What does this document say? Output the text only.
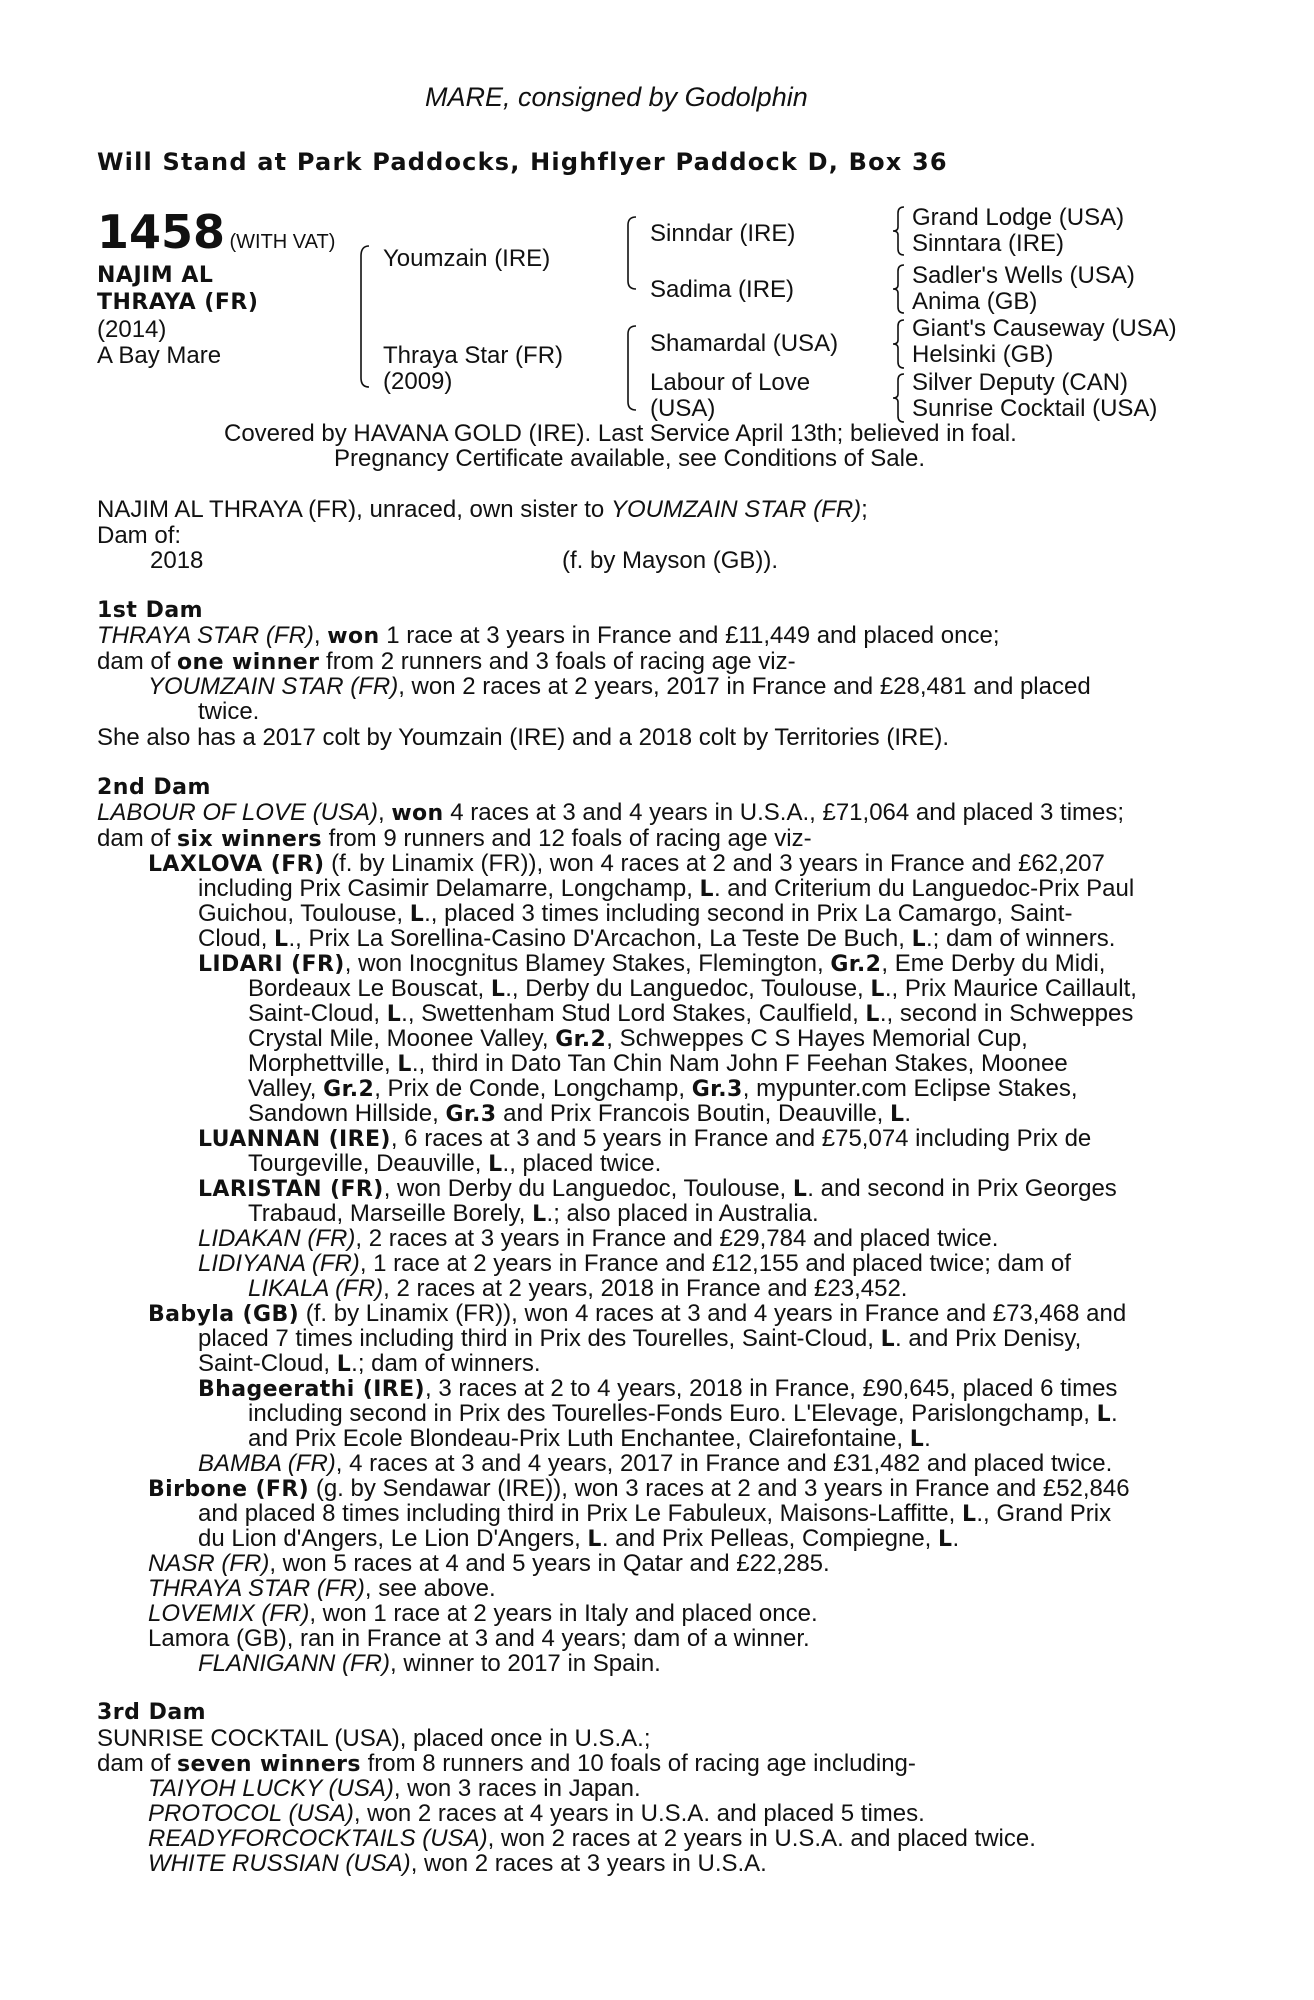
MARE, consigned by Godolphin
Will Stand at Park Paddocks, Highflyer Paddock D, Box 36
1458 (WITH VAT)
NAJIM AL
THRAYA (FR)
(2014)
A Bay Mare
Youmzain (IRE)
Thraya Star (FR)
(2009)
Sinndar (IRE)
Sadima (IRE)
Shamardal (USA)
Labour of Love
(USA)
Grand Lodge (USA)
Sinntara (IRE)
Sadler's Wells (USA)
Anima (GB)
Giant's Causeway (USA)
Helsinki (GB)
Silver Deputy (CAN)
Sunrise Cocktail (USA)
Covered by HAVANA GOLD (IRE). Last Service April 13th; believed in foal.
Pregnancy Certificate available, see Conditions of Sale.
NAJIM AL THRAYA (FR), unraced, own sister to YOUMZAIN STAR (FR);
Dam of:
2018	(f. by Mayson (GB)).
1st Dam
THRAYA STAR (FR), won 1 race at 3 years in France and £11,449 and placed once;
dam of one winner from 2 runners and 3 foals of racing age viz-
YOUMZAIN STAR (FR), won 2 races at 2 years, 2017 in France and £28,481 and placed
twice.
She also has a 2017 colt by Youmzain (IRE) and a 2018 colt by Territories (IRE).
2nd Dam
LABOUR OF LOVE (USA), won 4 races at 3 and 4 years in U.S.A., £71,064 and placed 3 times;
dam of six winners from 9 runners and 12 foals of racing age viz-
LAXLOVA (FR) (f. by Linamix (FR)), won 4 races at 2 and 3 years in France and £62,207
including Prix Casimir Delamarre, Longchamp, L. and Criterium du Languedoc-Prix Paul
Guichou, Toulouse, L., placed 3 times including second in Prix La Camargo, Saint-
Cloud, L., Prix La Sorellina-Casino D'Arcachon, La Teste De Buch, L.; dam of winners.
LIDARI (FR), won Inocgnitus Blamey Stakes, Flemington, Gr.2, Eme Derby du Midi,
Bordeaux Le Bouscat, L., Derby du Languedoc, Toulouse, L., Prix Maurice Caillault,
Saint-Cloud, L., Swettenham Stud Lord Stakes, Caulfield, L., second in Schweppes
Crystal Mile, Moonee Valley, Gr.2, Schweppes C S Hayes Memorial Cup,
Morphettville, L., third in Dato Tan Chin Nam John F Feehan Stakes, Moonee
Valley, Gr.2, Prix de Conde, Longchamp, Gr.3, mypunter.com Eclipse Stakes,
Sandown Hillside, Gr.3 and Prix Francois Boutin, Deauville, L.
LUANNAN (IRE), 6 races at 3 and 5 years in France and £75,074 including Prix de
Tourgeville, Deauville, L., placed twice.
LARISTAN (FR), won Derby du Languedoc, Toulouse, L. and second in Prix Georges
Trabaud, Marseille Borely, L.; also placed in Australia.
LIDAKAN (FR), 2 races at 3 years in France and £29,784 and placed twice.
LIDIYANA (FR), 1 race at 2 years in France and £12,155 and placed twice; dam of
LIKALA (FR), 2 races at 2 years, 2018 in France and £23,452.
Babyla (GB) (f. by Linamix (FR)), won 4 races at 3 and 4 years in France and £73,468 and
placed 7 times including third in Prix des Tourelles, Saint-Cloud, L. and Prix Denisy,
Saint-Cloud, L.; dam of winners.
Bhageerathi (IRE), 3 races at 2 to 4 years, 2018 in France, £90,645, placed 6 times
including second in Prix des Tourelles-Fonds Euro. L'Elevage, Parislongchamp, L.
and Prix Ecole Blondeau-Prix Luth Enchantee, Clairefontaine, L.
BAMBA (FR), 4 races at 3 and 4 years, 2017 in France and £31,482 and placed twice.
Birbone (FR) (g. by Sendawar (IRE)), won 3 races at 2 and 3 years in France and £52,846
and placed 8 times including third in Prix Le Fabuleux, Maisons-Laffitte, L., Grand Prix
du Lion d'Angers, Le Lion D'Angers, L. and Prix Pelleas, Compiegne, L.
NASR (FR), won 5 races at 4 and 5 years in Qatar and £22,285.
THRAYA STAR (FR), see above.
LOVEMIX (FR), won 1 race at 2 years in Italy and placed once.
Lamora (GB), ran in France at 3 and 4 years; dam of a winner.
FLANIGANN (FR), winner to 2017 in Spain.
3rd Dam
SUNRISE COCKTAIL (USA), placed once in U.S.A.;
dam of seven winners from 8 runners and 10 foals of racing age including-
TAIYOH LUCKY (USA), won 3 races in Japan.
PROTOCOL (USA), won 2 races at 4 years in U.S.A. and placed 5 times.
READYFORCOCKTAILS (USA), won 2 races at 2 years in U.S.A. and placed twice.
WHITE RUSSIAN (USA), won 2 races at 3 years in U.S.A.
